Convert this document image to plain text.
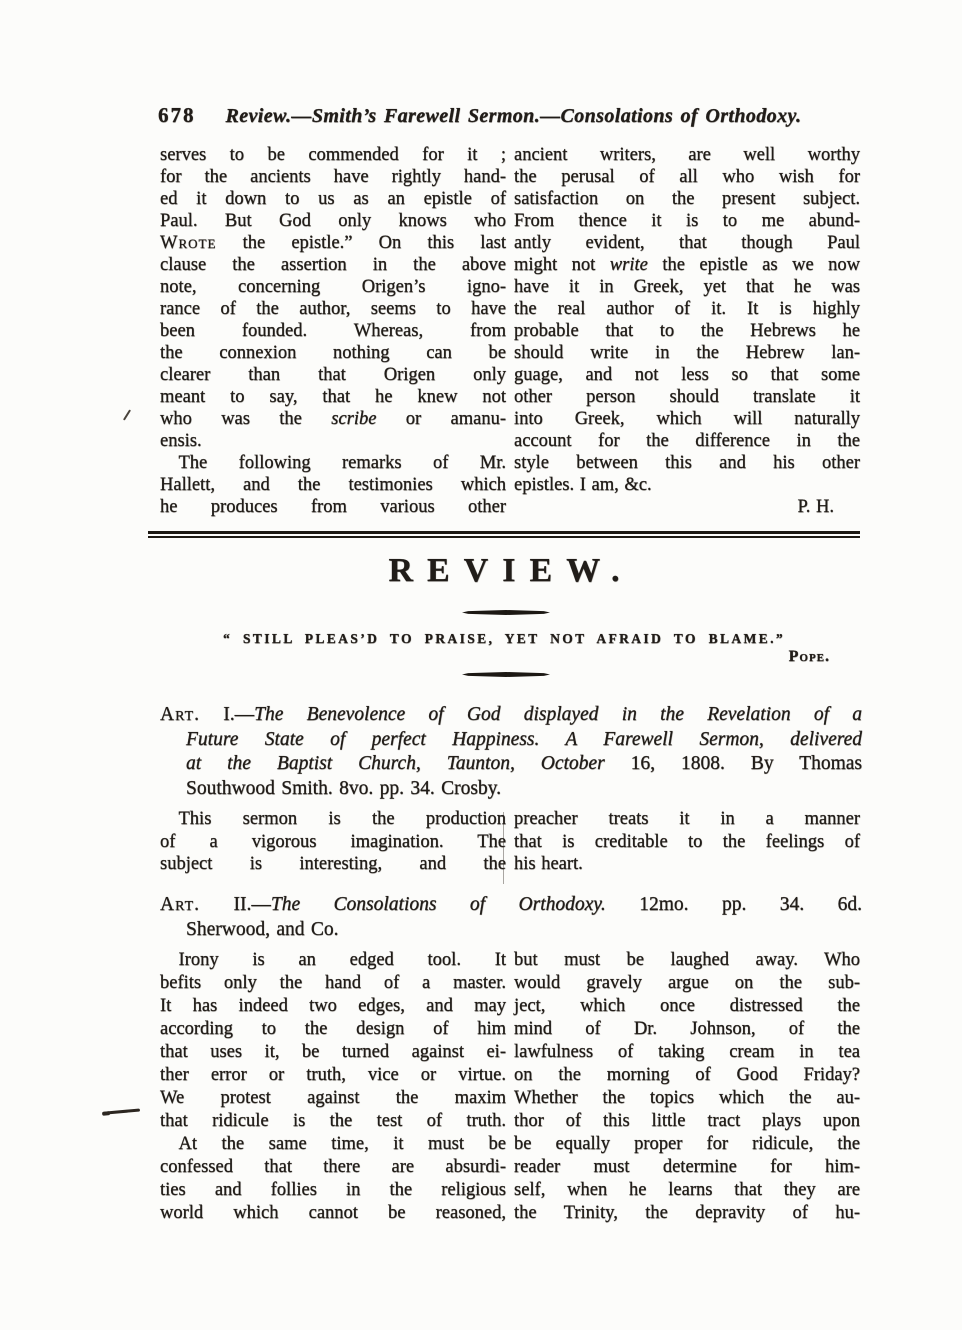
678 Review.—Smith’s Farewell Sermon.—Consolations of Orthodoxy.
serves to be commended for it ;
for the ancients have rightly hand-
ed it down to us as an epistle of
Paul. But God only knows who
Wrote the epistle.” On this last
clause the assertion in the above
note, concerning Origen’s igno-
rance of the author, seems to have
been founded. Whereas, from
the connexion nothing can be
clearer than that Origen only
meant to say, that he knew not
who was the scribe or amanu-
ensis.
 The following remarks of Mr.
Hallett, and the testimonies which
he produces from various other
ancient writers, are well worthy
the perusal of all who wish for
satisfaction on the present subject.
From thence it is to me abund-
antly evident, that though Paul
might not write the epistle as we now
have it in Greek, yet that he was
the real author of it. It is highly
probable that to the Hebrews he
should write in the Hebrew lan-
guage, and not less so that some
other person should translate it
into Greek, which will naturally
account for the difference in the
style between this and his other
epistles. I am, &c.
P. H.
REVIEW.
“ STILL PLEAS’D TO PRAISE, YET NOT AFRAID TO BLAME.”
Pope.
Art. I.—The Benevolence of God displayed in the Revelation of a
Future State of perfect Happiness. A Farewell Sermon, delivered
at the Baptist Church, Taunton, October 16, 1808. By Thomas
Southwood Smith. 8vo. pp. 34. Crosby.
 This sermon is the production
of a vigorous imagination. The
subject is interesting, and the
preacher treats it in a manner
that is creditable to the feelings of
his heart.
Art. II.—The Consolations of Orthodoxy. 12mo. pp. 34. 6d.
Sherwood, and Co.
 Irony is an edged tool. It
befits only the hand of a master.
It has indeed two edges, and may
according to the design of him
that uses it, be turned against ei-
ther error or truth, vice or virtue.
We protest against the maxim
that ridicule is the test of truth.
 At the same time, it must be
confessed that there are absurdi-
ties and follies in the religious
world which cannot be reasoned,
but must be laughed away. Who
would gravely argue on the sub-
ject, which once distressed the
mind of Dr. Johnson, of the
lawfulness of taking cream in tea
on the morning of Good Friday?
Whether the topics which the au-
thor of this little tract plays upon
be equally proper for ridicule, the
reader must determine for him-
self, when he learns that they are
the Trinity, the depravity of hu-
